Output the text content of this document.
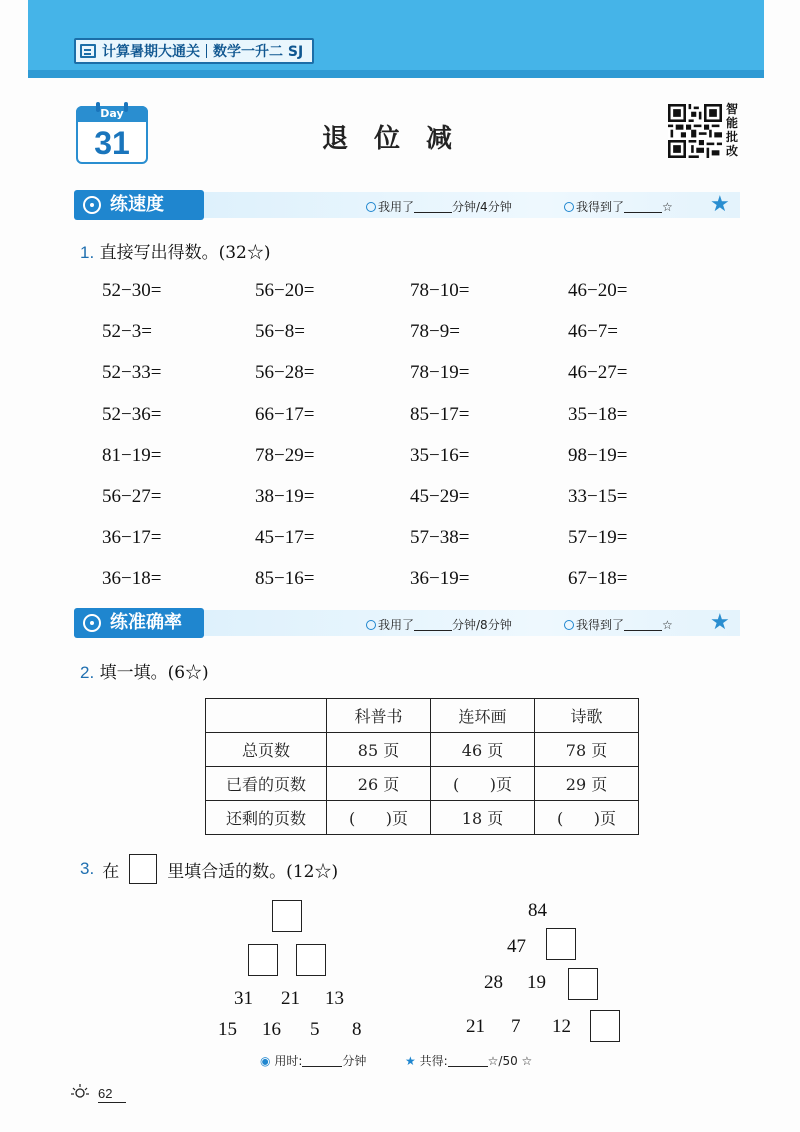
计算暑期大通关 数学一升二 SJ
Day
31	退位减
智能批改
练速度	我用了	分钟/4分钟	我得到了	☆ ★
1. 直接写出得数。(32☆)
52−30=	56−20=	78−10=	46−20=
52−3=	56−8=	78−9=	46−7=
52−33=	56−28=	78−19=	46−27=
52−36=	66−17=	85−17=	35−18=
81−19=	78−29=	35−16=	98−19=
56−27=	38−19=	45−29=	33−15=
36−17=	45−17=	57−38=	57−19=
36−18=	85−16=	36−19=	67−18=
练准确率	我用了	分钟/8分钟	我得到了	☆ ★
2. 填一填。(6☆)
	科普书	连环画	诗歌
总页数	85 页	46 页	78 页
已看的页数	26 页	(      )页	29 页
还剩的页数	(      )页	18 页	(      )页
3. 在	里填合适的数。(12☆)
31 21 13
15 16 5 8
84
47
28 19
21 7 12
◉ 用时:	分钟	★ 共得:	☆/50 ☆
62
